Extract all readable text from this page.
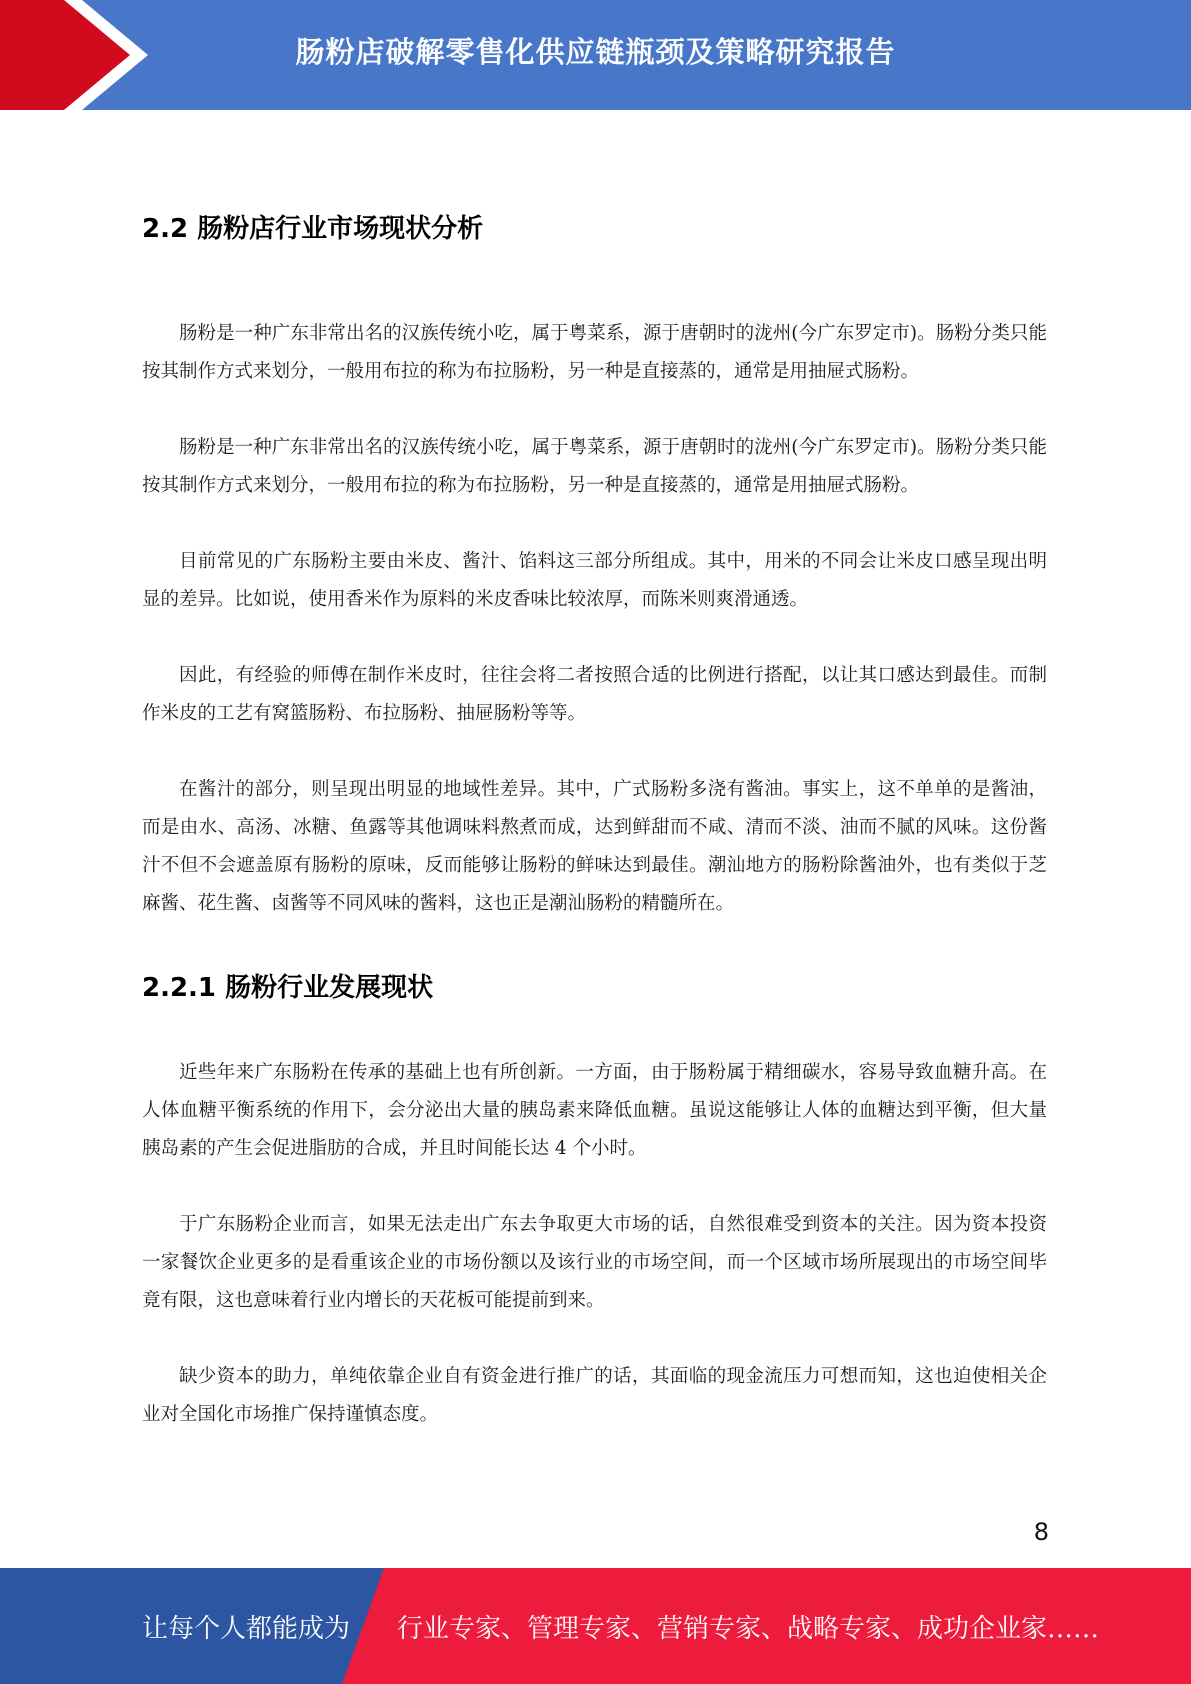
肠粉店破解零售化供应链瓶颈及策略研究报告
2.2 肠粉店行业市场现状分析

肠粉是一种广东非常出名的汉族传统小吃，属于粤菜系，源于唐朝时的泷州(今广东罗定市)。肠粉分类只能按其制作方式来划分，一般用布拉的称为布拉肠粉，另一种是直接蒸的，通常是用抽屉式肠粉。

肠粉是一种广东非常出名的汉族传统小吃，属于粤菜系，源于唐朝时的泷州(今广东罗定市)。肠粉分类只能按其制作方式来划分，一般用布拉的称为布拉肠粉，另一种是直接蒸的，通常是用抽屉式肠粉。

目前常见的广东肠粉主要由米皮、酱汁、馅料这三部分所组成。其中，用米的不同会让米皮口感呈现出明显的差异。比如说，使用香米作为原料的米皮香味比较浓厚，而陈米则爽滑通透。

因此，有经验的师傅在制作米皮时，往往会将二者按照合适的比例进行搭配，以让其口感达到最佳。而制作米皮的工艺有窝篮肠粉、布拉肠粉、抽屉肠粉等等。

在酱汁的部分，则呈现出明显的地域性差异。其中，广式肠粉多浇有酱油。事实上，这不单单的是酱油，而是由水、高汤、冰糖、鱼露等其他调味料熬煮而成，达到鲜甜而不咸、清而不淡、油而不腻的风味。这份酱汁不但不会遮盖原有肠粉的原味，反而能够让肠粉的鲜味达到最佳。潮汕地方的肠粉除酱油外，也有类似于芝麻酱、花生酱、卤酱等不同风味的酱料，这也正是潮汕肠粉的精髓所在。

2.2.1 肠粉行业发展现状

近些年来广东肠粉在传承的基础上也有所创新。一方面，由于肠粉属于精细碳水，容易导致血糖升高。在人体血糖平衡系统的作用下，会分泌出大量的胰岛素来降低血糖。虽说这能够让人体的血糖达到平衡，但大量胰岛素的产生会促进脂肪的合成，并且时间能长达 4 个小时。

于广东肠粉企业而言，如果无法走出广东去争取更大市场的话，自然很难受到资本的关注。因为资本投资一家餐饮企业更多的是看重该企业的市场份额以及该行业的市场空间，而一个区域市场所展现出的市场空间毕竟有限，这也意味着行业内增长的天花板可能提前到来。

缺少资本的助力，单纯依靠企业自有资金进行推广的话，其面临的现金流压力可想而知，这也迫使相关企业对全国化市场推广保持谨慎态度。

8
让每个人都能成为 行业专家、管理专家、营销专家、战略专家、成功企业家……
